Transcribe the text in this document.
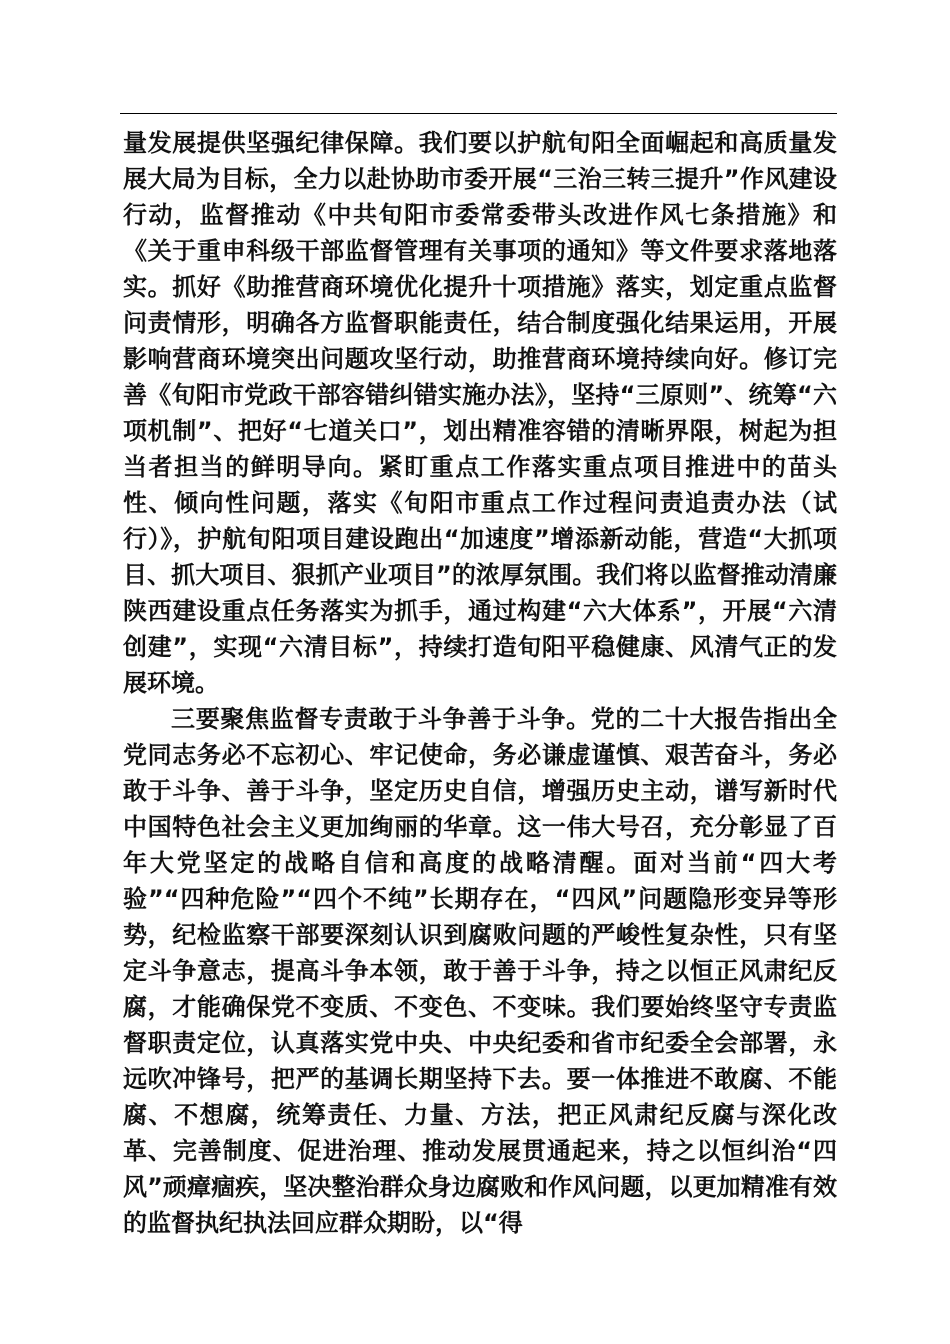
量发展提供坚强纪律保障。我们要以护航旬阳全面崛起和高质量发展大局为目标，全力以赴协助市委开展“三治三转三提升”作风建设行动，监督推动《中共旬阳市委常委带头改进作风七条措施》和《关于重申科级干部监督管理有关事项的通知》等文件要求落地落实。抓好《助推营商环境优化提升十项措施》落实，划定重点监督问责情形，明确各方监督职能责任，结合制度强化结果运用，开展影响营商环境突出问题攻坚行动，助推营商环境持续向好。修订完善《旬阳市党政干部容错纠错实施办法》，坚持“三原则”、统筹“六项机制”、把好“七道关口”，划出精准容错的清晰界限，树起为担当者担当的鲜明导向。紧盯重点工作落实重点项目推进中的苗头性、倾向性问题，落实《旬阳市重点工作过程问责追责办法（试行）》，护航旬阳项目建设跑出“加速度”增添新动能，营造“大抓项目、抓大项目、狠抓产业项目”的浓厚氛围。我们将以监督推动清廉陕西建设重点任务落实为抓手，通过构建“六大体系”，开展“六清创建”，实现“六清目标”，持续打造旬阳平稳健康、风清气正的发展环境。

三要聚焦监督专责敢于斗争善于斗争。党的二十大报告指出全党同志务必不忘初心、牢记使命，务必谦虚谨慎、艰苦奋斗，务必敢于斗争、善于斗争，坚定历史自信，增强历史主动，谱写新时代中国特色社会主义更加绚丽的华章。这一伟大号召，充分彰显了百年大党坚定的战略自信和高度的战略清醒。面对当前“四大考验”“四种危险”“四个不纯”长期存在，“四风”问题隐形变异等形势，纪检监察干部要深刻认识到腐败问题的严峻性复杂性，只有坚定斗争意志，提高斗争本领，敢于善于斗争，持之以恒正风肃纪反腐，才能确保党不变质、不变色、不变味。我们要始终坚守专责监督职责定位，认真落实党中央、中央纪委和省市纪委全会部署，永远吹冲锋号，把严的基调长期坚持下去。要一体推进不敢腐、不能腐、不想腐，统筹责任、力量、方法，把正风肃纪反腐与深化改革、完善制度、促进治理、推动发展贯通起来，持之以恒纠治“四风”顽瘴痼疾，坚决整治群众身边腐败和作风问题，以更加精准有效的监督执纪执法回应群众期盼，以“得
